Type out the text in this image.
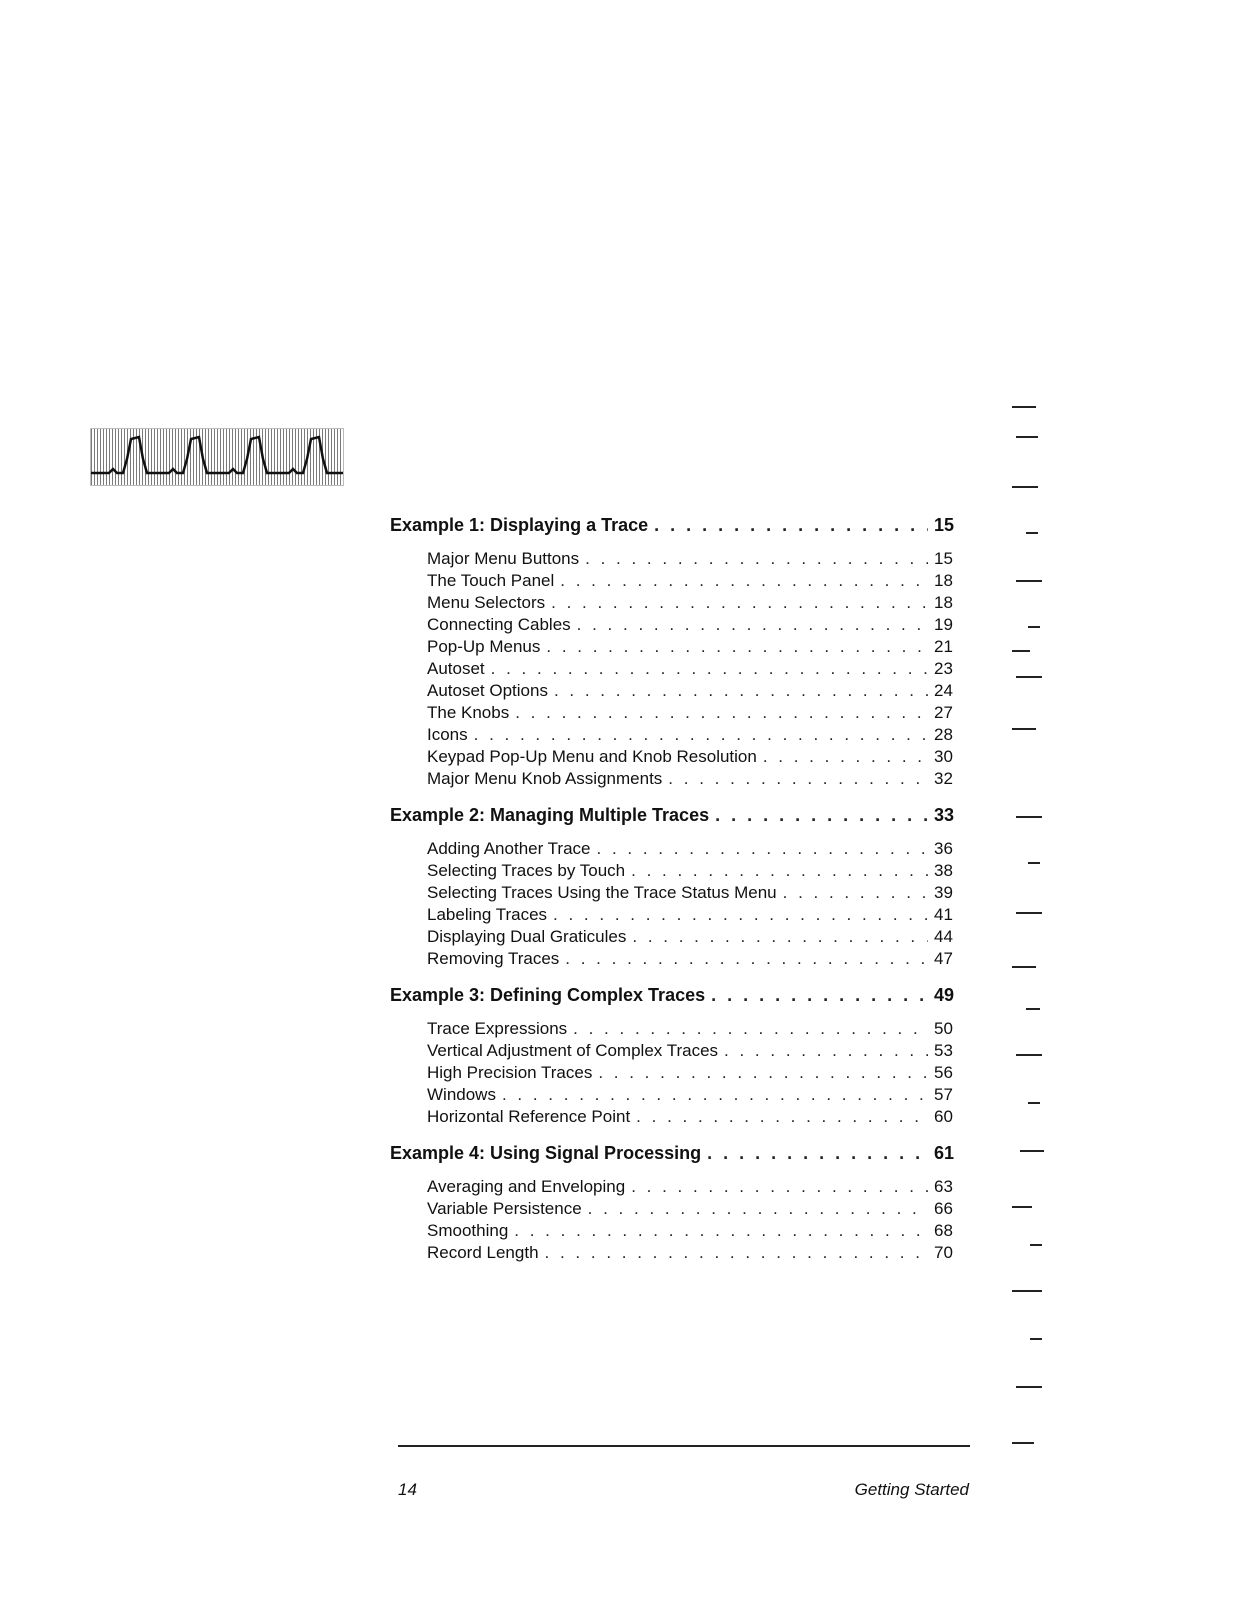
Example 1: Displaying a Trace . . .	15
Major Menu Buttons . . .	15
The Touch Panel . . .	18
Menu Selectors . . .	18
Connecting Cables . . .	19
Pop-Up Menus . . .	21
Autoset . . .	23
Autoset Options . . .	24
The Knobs . . .	27
Icons . . .	28
Keypad Pop-Up Menu and Knob Resolution . . .	30
Major Menu Knob Assignments . . .	32
Example 2: Managing Multiple Traces . . .	33
Adding Another Trace . . .	36
Selecting Traces by Touch . . .	38
Selecting Traces Using the Trace Status Menu . . .	39
Labeling Traces . . .	41
Displaying Dual Graticules . . .	44
Removing Traces . . .	47
Example 3: Defining Complex Traces . . .	49
Trace Expressions . . .	50
Vertical Adjustment of Complex Traces . . .	53
High Precision Traces . . .	56
Windows . . .	57
Horizontal Reference Point . . .	60
Example 4: Using Signal Processing . . .	61
Averaging and Enveloping . . .	63
Variable Persistence . . .	66
Smoothing . . .	68
Record Length . . .	70
14	Getting Started
